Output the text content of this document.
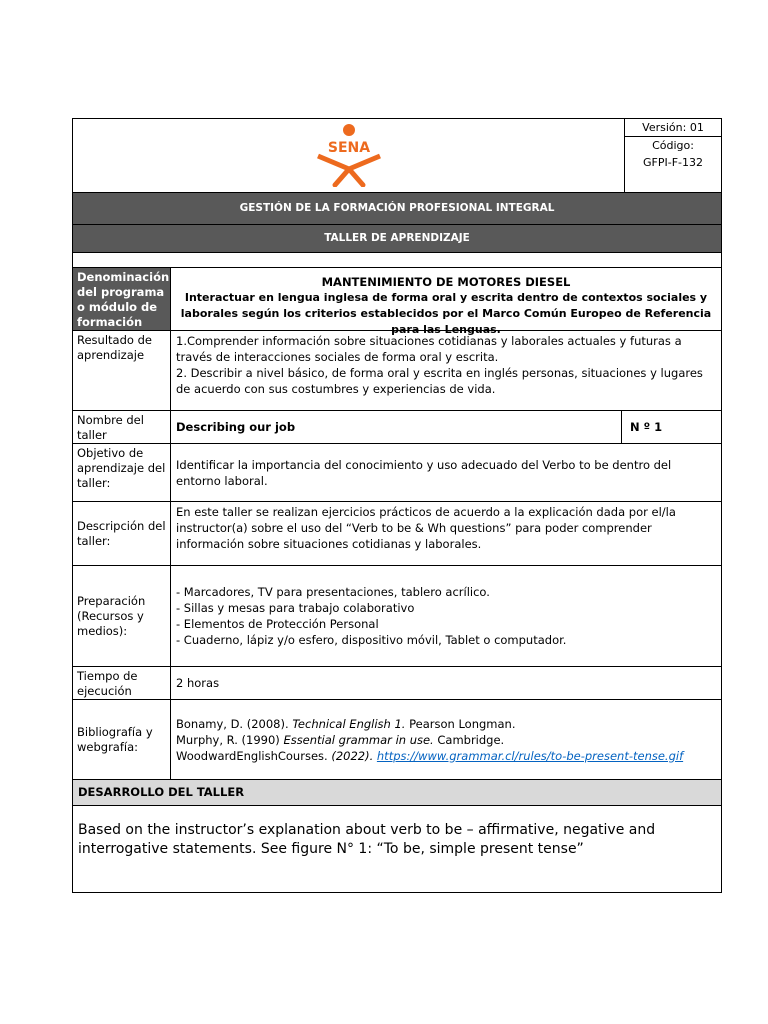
SENA
Versión: 01
Código:
GFPI-F-132
GESTIÓN DE LA FORMACIÓN PROFESIONAL INTEGRAL
TALLER DE APRENDIZAJE
Denominación del programa o módulo de formación
MANTENIMIENTO DE MOTORES DIESEL
Interactuar en lengua inglesa de forma oral y escrita dentro de contextos sociales y laborales según los criterios establecidos por el Marco Común Europeo de Referencia para las Lenguas.
Resultado de aprendizaje
1.Comprender información sobre situaciones cotidianas y laborales actuales y futuras a través de interacciones sociales de forma oral y escrita.
2. Describir a nivel básico, de forma oral y escrita en inglés personas, situaciones y lugares de acuerdo con sus costumbres y experiencias de vida.
Nombre del taller
Describing our job	N º 1
Objetivo de aprendizaje del taller:
Identificar la importancia del conocimiento y uso adecuado del Verbo to be dentro del entorno laboral.
Descripción del taller:
En este taller se realizan ejercicios prácticos de acuerdo a la explicación dada por el/la instructor(a) sobre el uso del “Verb to be & Wh questions” para poder comprender información sobre situaciones cotidianas y laborales.
Preparación (Recursos y medios):
- Marcadores, TV para presentaciones, tablero acrílico.
- Sillas y mesas para trabajo colaborativo
- Elementos de Protección Personal
- Cuaderno, lápiz y/o esfero, dispositivo móvil, Tablet o computador.
Tiempo de ejecución
2 horas
Bibliografía y webgrafía:
Bonamy, D. (2008). Technical English 1. Pearson Longman.
Murphy, R. (1990) Essential grammar in use. Cambridge.
WoodwardEnglishCourses. (2022). https://www.grammar.cl/rules/to-be-present-tense.gif
DESARROLLO DEL TALLER
Based on the instructor’s explanation about verb to be – affirmative, negative and interrogative statements. See figure N° 1: “To be, simple present tense”
